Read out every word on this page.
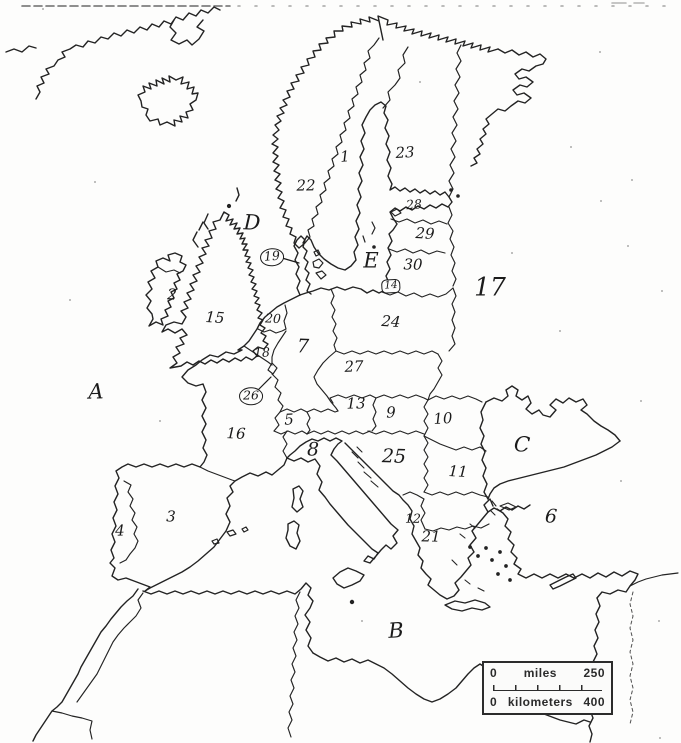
1
2
3
4
5
6
7
8
9 10
11
12
13
14
15
16
17
18
19
20
21
22
23
24
25
26
27
28
29
30
A
B
C
D
E
0 miles 250
0 kilometers 400
